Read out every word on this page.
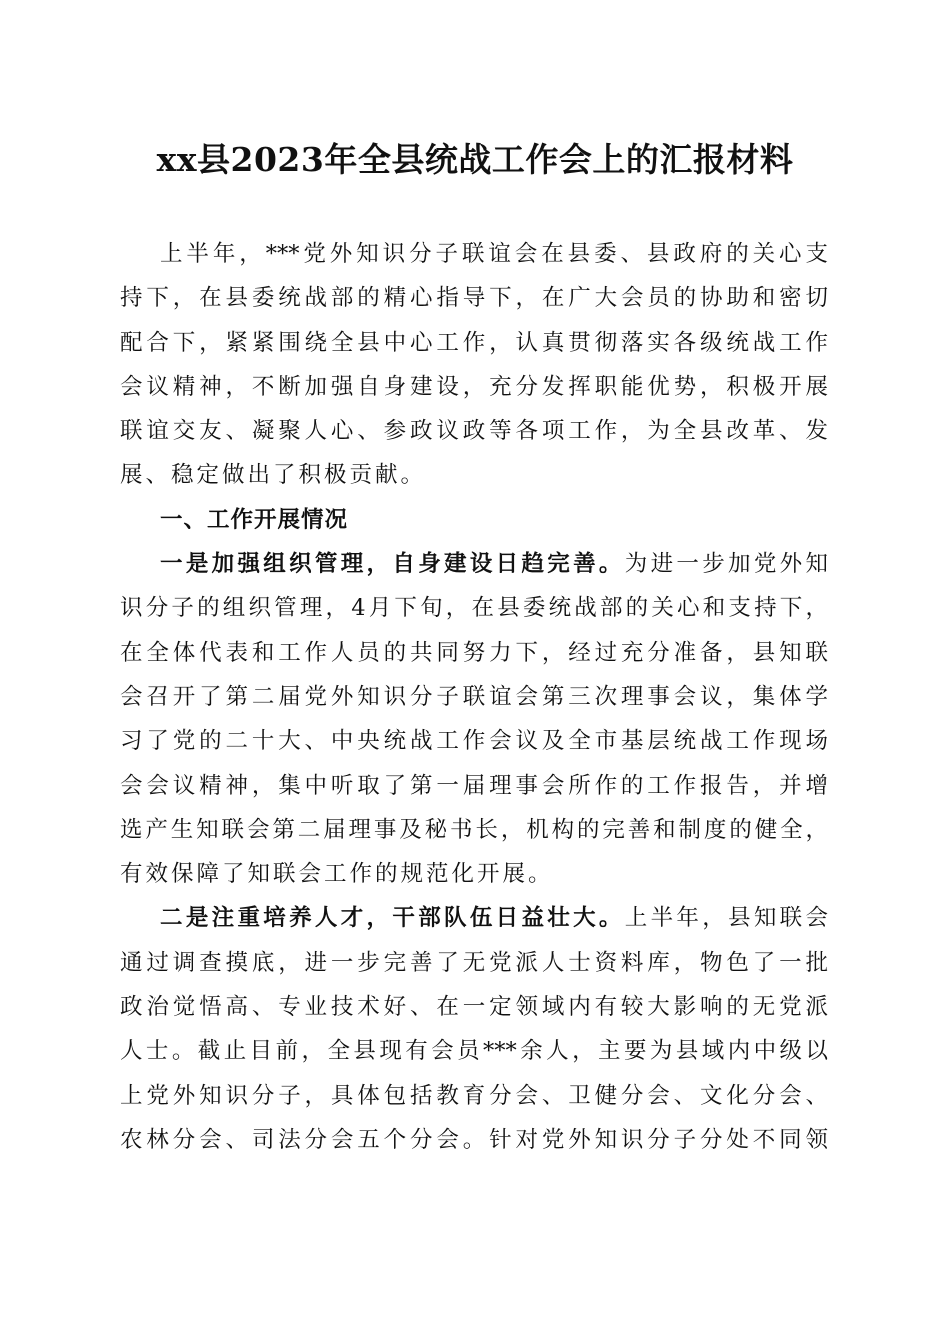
xx县2023年全县统战工作会上的汇报材料
上半年，***党外知识分子联谊会在县委、县政府的关心支
持下，在县委统战部的精心指导下，在广大会员的协助和密切
配合下，紧紧围绕全县中心工作，认真贯彻落实各级统战工作
会议精神，不断加强自身建设，充分发挥职能优势，积极开展
联谊交友、凝聚人心、参政议政等各项工作，为全县改革、发
展、稳定做出了积极贡献。
一、工作开展情况
一是加强组织管理，自身建设日趋完善。为进一步加党外知
识分子的组织管理，4月下旬，在县委统战部的关心和支持下，
在全体代表和工作人员的共同努力下，经过充分准备，县知联
会召开了第二届党外知识分子联谊会第三次理事会议，集体学
习了党的二十大、中央统战工作会议及全市基层统战工作现场
会会议精神，集中听取了第一届理事会所作的工作报告，并增
选产生知联会第二届理事及秘书长，机构的完善和制度的健全，
有效保障了知联会工作的规范化开展。
二是注重培养人才，干部队伍日益壮大。上半年，县知联会
通过调查摸底，进一步完善了无党派人士资料库，物色了一批
政治觉悟高、专业技术好、在一定领域内有较大影响的无党派
人士。截止目前，全县现有会员***余人，主要为县域内中级以
上党外知识分子，具体包括教育分会、卫健分会、文化分会、
农林分会、司法分会五个分会。针对党外知识分子分处不同领
